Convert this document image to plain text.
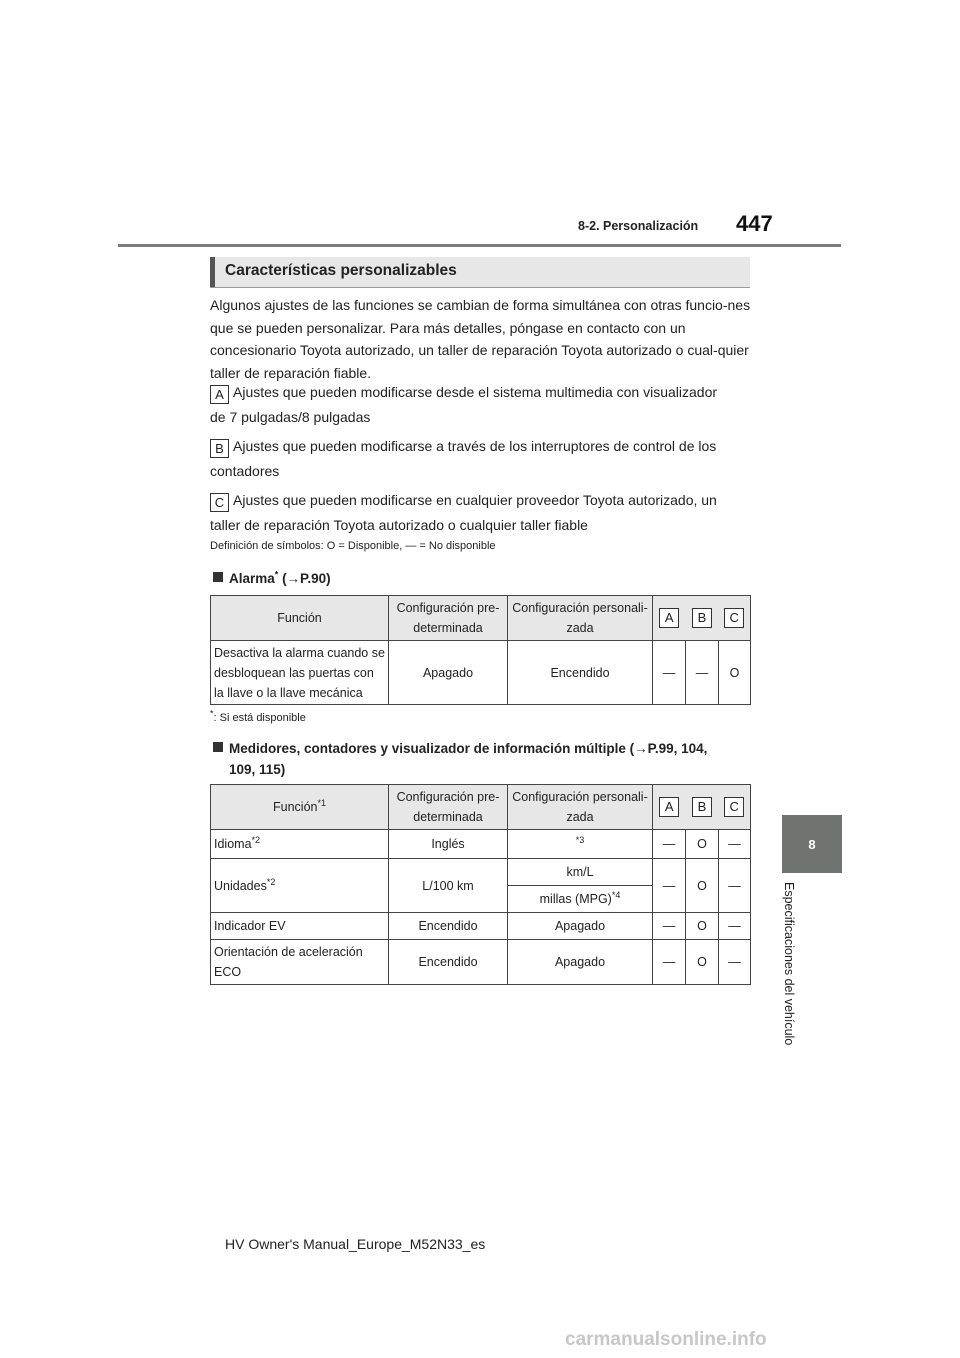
8-2. Personalización 447
8
Especificaciones del vehículo
Características personalizables
Algunos ajustes de las funciones se cambian de forma simultánea con otras funcio-nes que se pueden personalizar. Para más detalles, póngase en contacto con un concesionario Toyota autorizado, un taller de reparación Toyota autorizado o cual-quier taller de reparación fiable.
A Ajustes que pueden modificarse desde el sistema multimedia con visualizador
de 7 pulgadas/8 pulgadas
B Ajustes que pueden modificarse a través de los interruptores de control de los
contadores
C Ajustes que pueden modificarse en cualquier proveedor Toyota autorizado, un
taller de reparación Toyota autorizado o cualquier taller fiable
Definición de símbolos: O = Disponible, — = No disponible
Alarma* (→P.90)
Función	Configuración pre-
determinada	Configuración personali-
zada	A	B	C
Desactiva la alarma cuando se
desbloquean las puertas con
la llave o la llave mecánica	Apagado	Encendido	—	—	O
*: Si está disponible
Medidores, contadores y visualizador de información múltiple (→P.99, 104,
109, 115)
Función$^{*1}$	Configuración pre-
determinada	Configuración personali-
zada	A	B	C
Idioma$^{*2}$	Inglés	$^{*3}$	—	O	—
Unidades$^{*2}$	L/100 km	km/L	—	O	—
		millas (MPG)$^{*4}$
Indicador EV	Encendido	Apagado	—	O	—
Orientación de aceleración
ECO	Encendido	Apagado	—	O	—
HV Owner's Manual_Europe_M52N33_es
carmanualsonline.info
